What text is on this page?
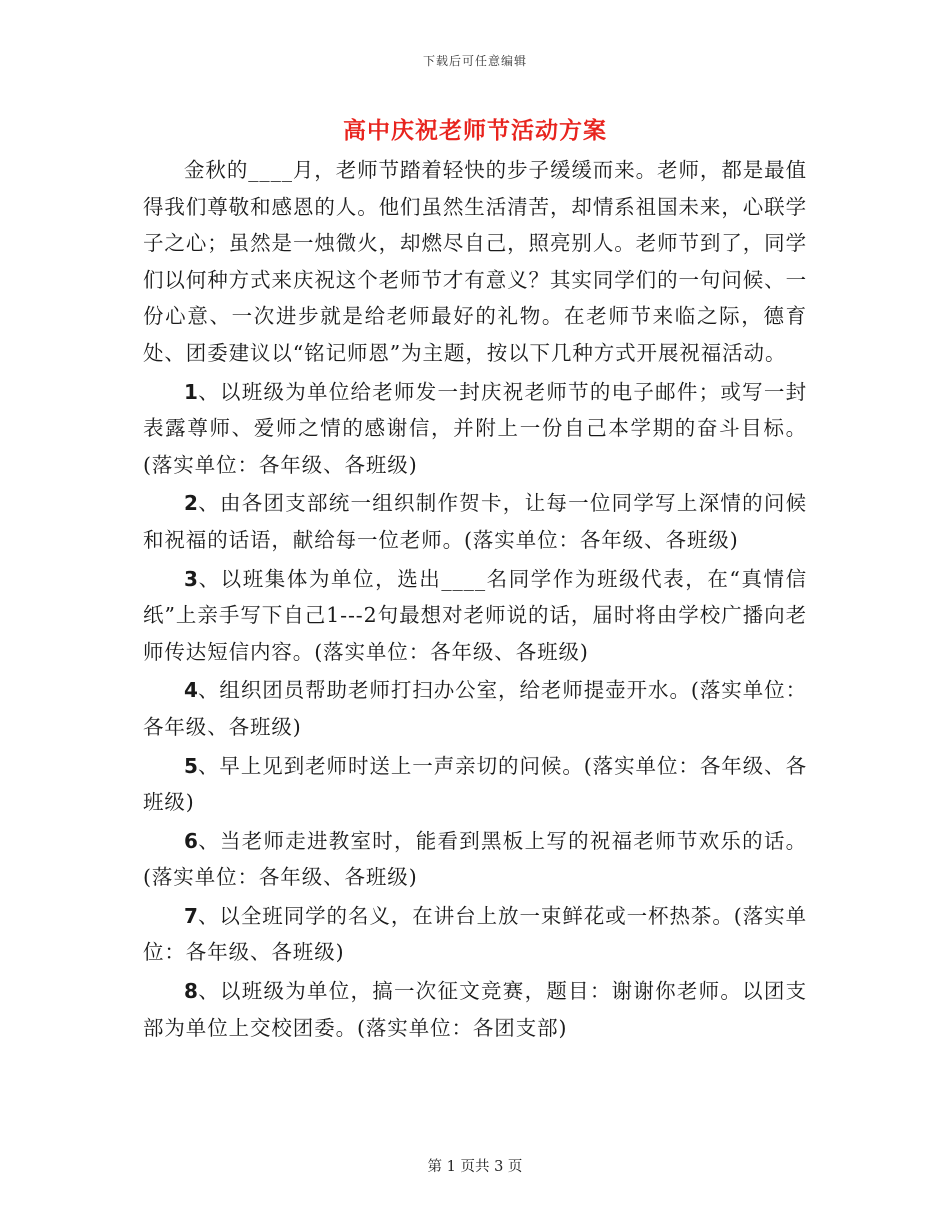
下载后可任意编辑
高中庆祝老师节活动方案

金秋的____月，老师节踏着轻快的步子缓缓而来。老师，都是最值得我们尊敬和感恩的人。他们虽然生活清苦，却情系祖国未来，心联学子之心；虽然是一烛微火，却燃尽自己，照亮别人。老师节到了，同学们以何种方式来庆祝这个老师节才有意义？其实同学们的一句问候、一份心意、一次进步就是给老师最好的礼物。在老师节来临之际，德育处、团委建议以“铭记师恩”为主题，按以下几种方式开展祝福活动。

1、以班级为单位给老师发一封庆祝老师节的电子邮件；或写一封表露尊师、爱师之情的感谢信，并附上一份自己本学期的奋斗目标。(落实单位：各年级、各班级)

2、由各团支部统一组织制作贺卡，让每一位同学写上深情的问候和祝福的话语，献给每一位老师。(落实单位：各年级、各班级)

3、以班集体为单位，选出____名同学作为班级代表，在“真情信纸”上亲手写下自己1---2句最想对老师说的话，届时将由学校广播向老师传达短信内容。(落实单位：各年级、各班级)

4、组织团员帮助老师打扫办公室，给老师提壶开水。(落实单位：各年级、各班级)

5、早上见到老师时送上一声亲切的问候。(落实单位：各年级、各班级)

6、当老师走进教室时，能看到黑板上写的祝福老师节欢乐的话。(落实单位：各年级、各班级)

7、以全班同学的名义，在讲台上放一束鲜花或一杯热茶。(落实单位：各年级、各班级)

8、以班级为单位，搞一次征文竞赛，题目：谢谢你老师。以团支部为单位上交校团委。(落实单位：各团支部)

第 1 页共 3 页
